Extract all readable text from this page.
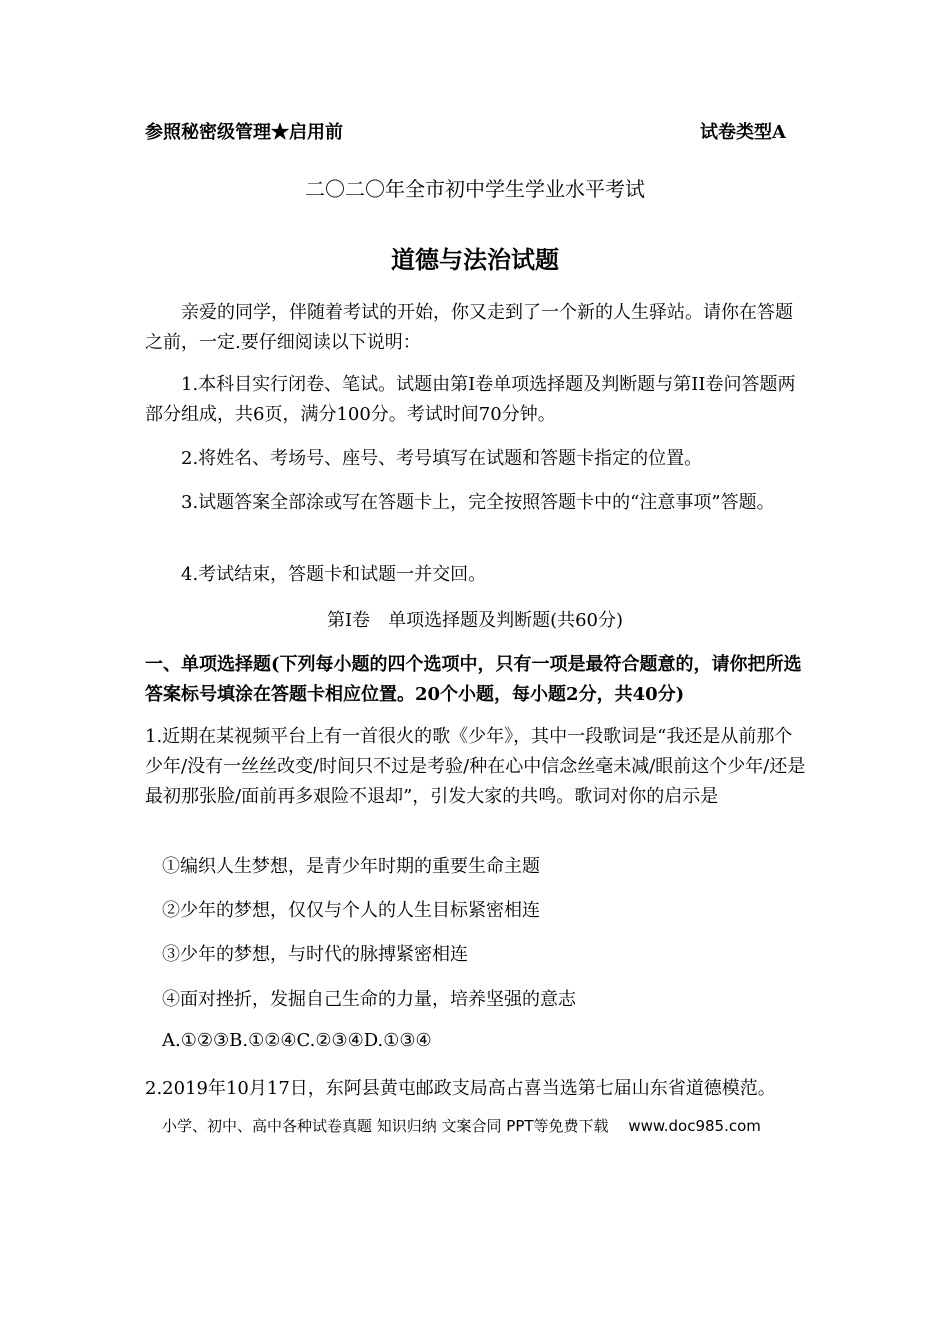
参照秘密级管理★启用前	试卷类型A
二〇二〇年全市初中学生学业水平考试
道德与法治试题
亲爱的同学，伴随着考试的开始，你又走到了一个新的人生驿站。请你在答题之前，一定.要仔细阅读以下说明：
1.本科目实行闭卷、笔试。试题由第Ⅰ卷单项选择题及判断题与第II卷问答题两部分组成，共6页，满分100分。考试时间70分钟。
2.将姓名、考场号、座号、考号填写在试题和答题卡指定的位置。
3.试题答案全部涂或写在答题卡上，完全按照答题卡中的“注意事项”答题。
4.考试结束，答题卡和试题一并交回。
第Ⅰ卷　单项选择题及判断题(共60分)
一、单项选择题(下列每小题的四个选项中，只有一项是最符合题意的，请你把所选答案标号填涂在答题卡相应位置。20个小题，每小题2分，共40分)
1.近期在某视频平台上有一首很火的歌《少年》，其中一段歌词是“我还是从前那个少年/没有一丝丝改变/时间只不过是考验/种在心中信念丝毫未减/眼前这个少年/还是最初那张脸/面前再多艰险不退却”，引发大家的共鸣。歌词对你的启示是
①编织人生梦想，是青少年时期的重要生命主题
②少年的梦想，仅仅与个人的人生目标紧密相连
③少年的梦想，与时代的脉搏紧密相连
④面对挫折，发掘自己生命的力量，培养坚强的意志
A.①②③B.①②④C.②③④D.①③④
2.2019年10月17日，东阿县黄屯邮政支局高占喜当选第七届山东省道德模范。
小学、初中、高中各种试卷真题 知识归纳 文案合同 PPT等免费下载　 www.doc985.com
